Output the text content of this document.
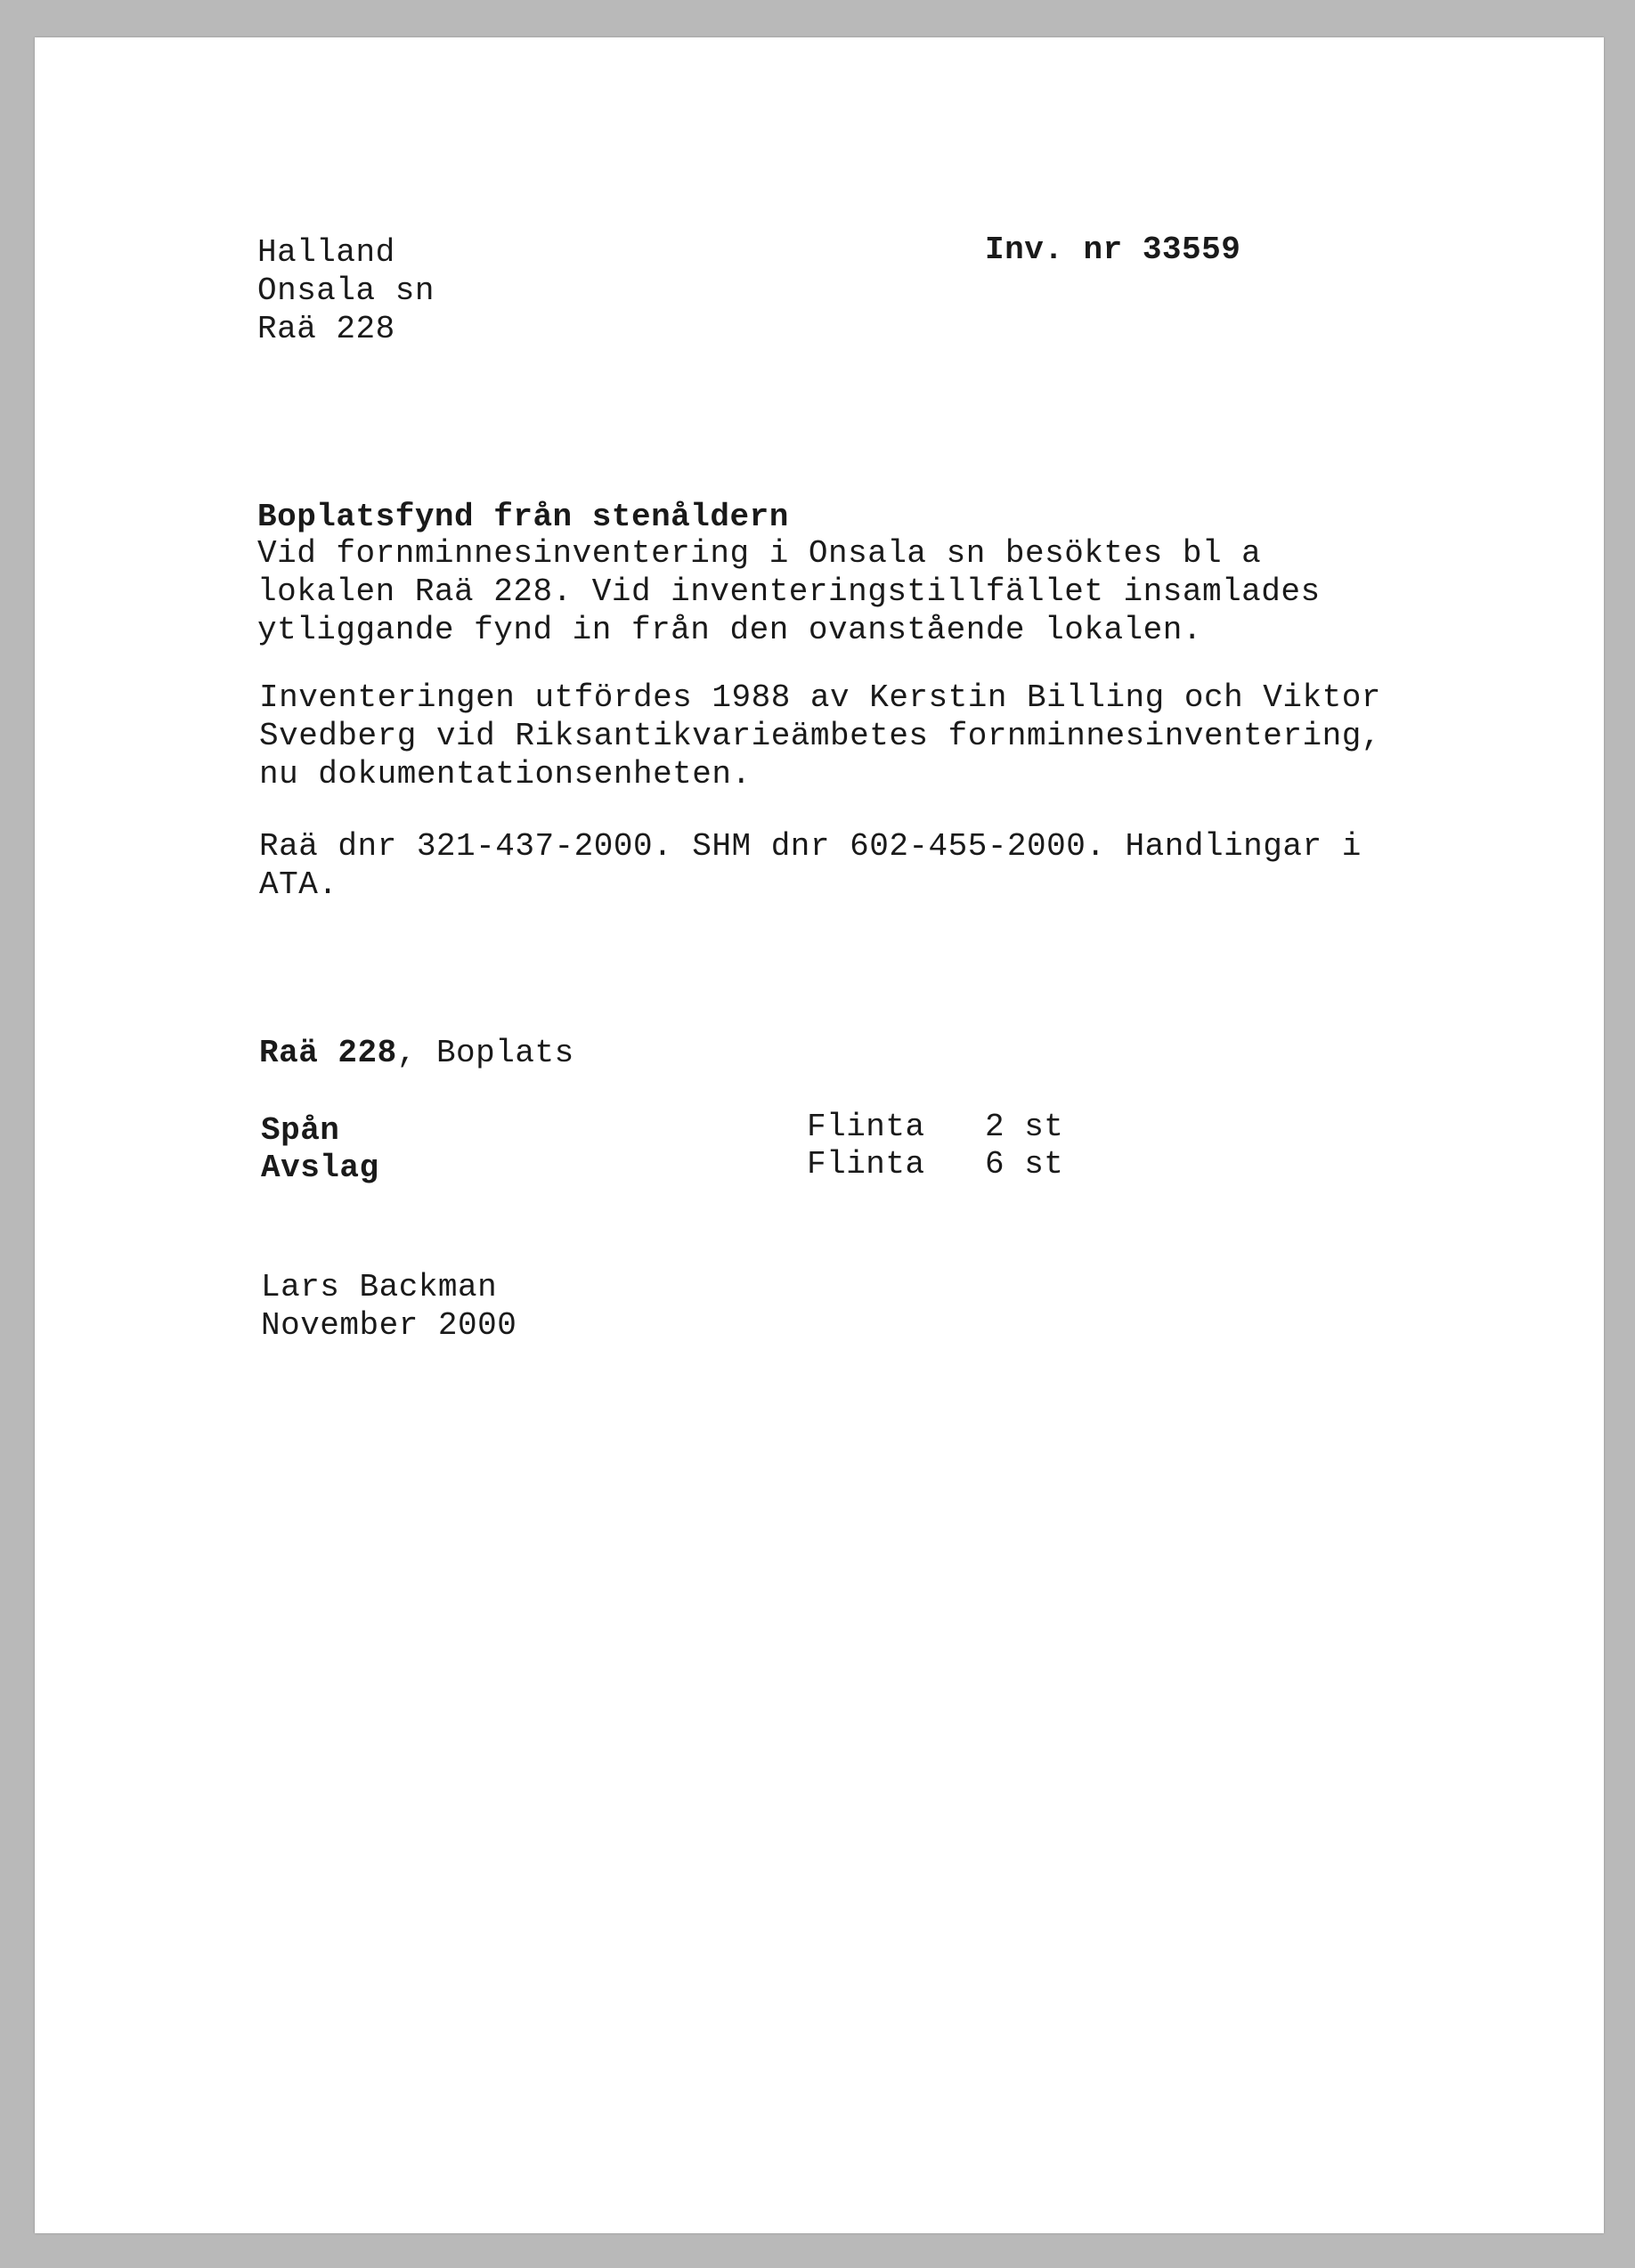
Halland
Onsala sn
Raä 228
Inv. nr 33559
Boplatsfynd från stenåldern
Vid fornminnesinventering i Onsala sn besöktes bl a
lokalen Raä 228. Vid inventeringstillfället insamlades
ytliggande fynd in från den ovanstående lokalen.
Inventeringen utfördes 1988 av Kerstin Billing och Viktor
Svedberg vid Riksantikvarieämbetes fornminnesinventering,
nu dokumentationsenheten.
Raä dnr 321-437-2000. SHM dnr 602-455-2000. Handlingar i
ATA.
Raä 228, Boplats
Spån	Flinta 2 st
Avslag	Flinta 6 st
Lars Backman
November 2000
